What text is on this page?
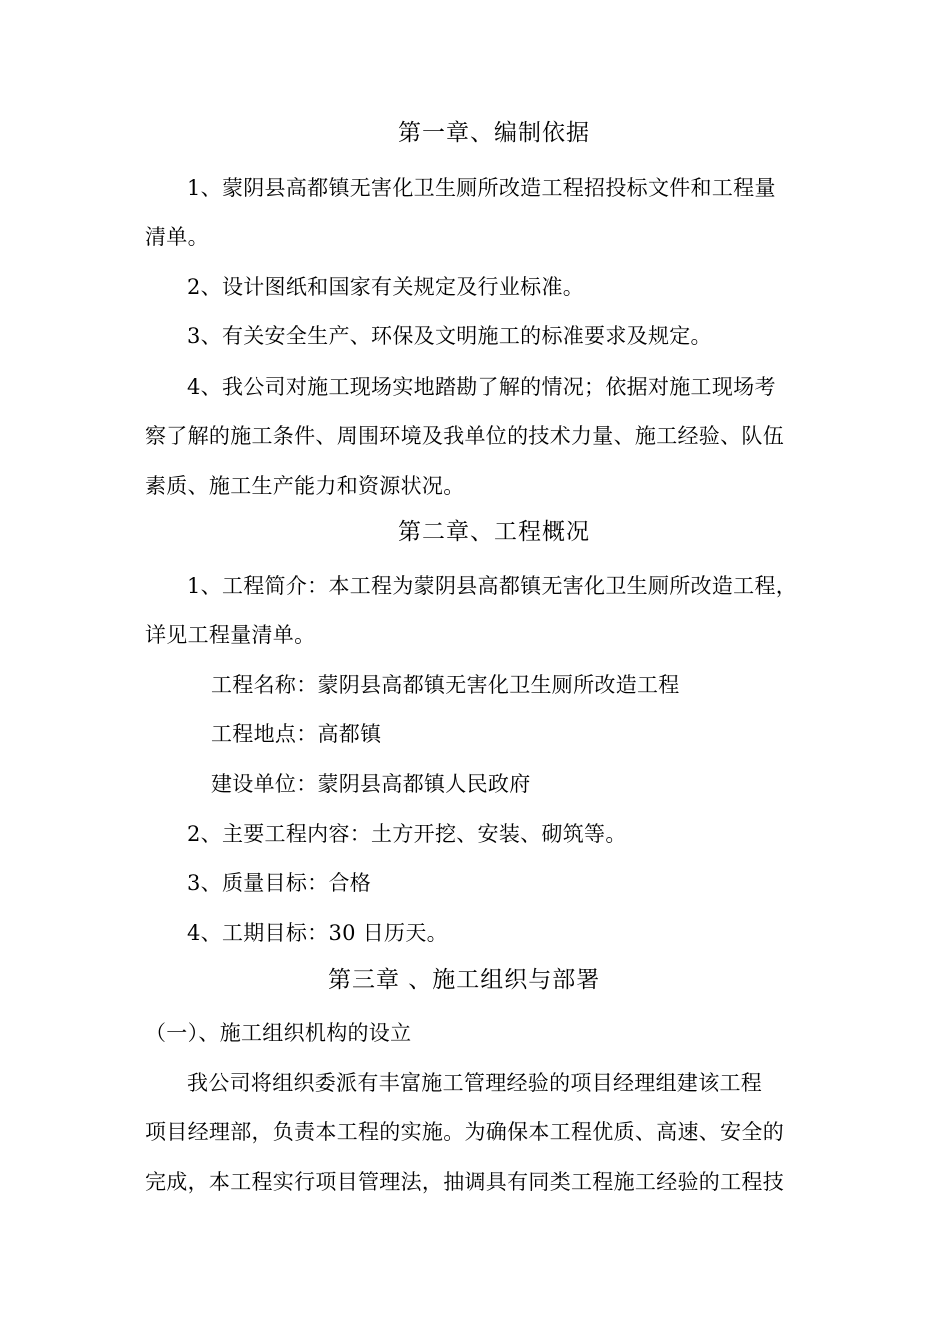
第一章、编制依据
1、蒙阴县高都镇无害化卫生厕所改造工程招投标文件和工程量
清单。
2、设计图纸和国家有关规定及行业标准。
3、有关安全生产、环保及文明施工的标准要求及规定。
4、我公司对施工现场实地踏勘了解的情况；依据对施工现场考
察了解的施工条件、周围环境及我单位的技术力量、施工经验、队伍
素质、施工生产能力和资源状况。
第二章、工程概况
1、工程简介：本工程为蒙阴县高都镇无害化卫生厕所改造工程，
详见工程量清单。
工程名称：蒙阴县高都镇无害化卫生厕所改造工程
工程地点：高都镇
建设单位：蒙阴县高都镇人民政府
2、主要工程内容：土方开挖、安装、砌筑等。
3、质量目标：合格
4、工期目标：30 日历天。
第三章 、施工组织与部署
（一）、施工组织机构的设立
我公司将组织委派有丰富施工管理经验的项目经理组建该工程
项目经理部，负责本工程的实施。为确保本工程优质、高速、安全的
完成，本工程实行项目管理法，抽调具有同类工程施工经验的工程技
